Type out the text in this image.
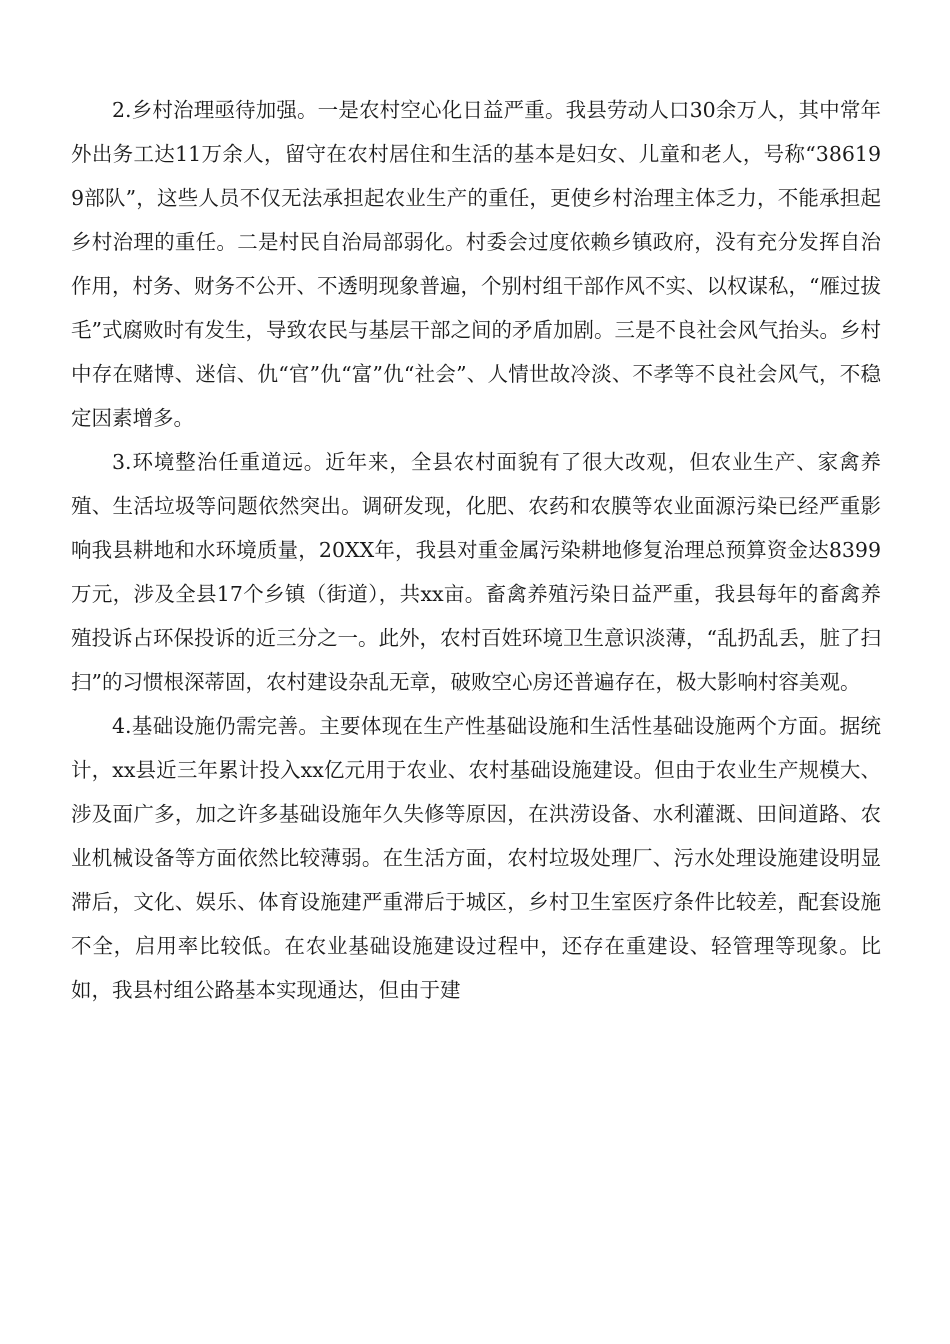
2.乡村治理亟待加强。一是农村空心化日益严重。我县劳动人口30余万人，其中常年外出务工达11万余人，留守在农村居住和生活的基本是妇女、儿童和老人，号称“386199部队”，这些人员不仅无法承担起农业生产的重任，更使乡村治理主体乏力，不能承担起乡村治理的重任。二是村民自治局部弱化。村委会过度依赖乡镇政府，没有充分发挥自治作用，村务、财务不公开、不透明现象普遍，个别村组干部作风不实、以权谋私，“雁过拔毛”式腐败时有发生，导致农民与基层干部之间的矛盾加剧。三是不良社会风气抬头。乡村中存在赌博、迷信、仇“官”仇“富”仇“社会”、人情世故冷淡、不孝等不良社会风气，不稳定因素增多。

3.环境整治任重道远。近年来，全县农村面貌有了很大改观，但农业生产、家禽养殖、生活垃圾等问题依然突出。调研发现，化肥、农药和农膜等农业面源污染已经严重影响我县耕地和水环境质量，20XX年，我县对重金属污染耕地修复治理总预算资金达8399万元，涉及全县17个乡镇（街道），共xx亩。畜禽养殖污染日益严重，我县每年的畜禽养殖投诉占环保投诉的近三分之一。此外，农村百姓环境卫生意识淡薄，“乱扔乱丢，脏了扫扫”的习惯根深蒂固，农村建设杂乱无章，破败空心房还普遍存在，极大影响村容美观。

4.基础设施仍需完善。主要体现在生产性基础设施和生活性基础设施两个方面。据统计，xx县近三年累计投入xx亿元用于农业、农村基础设施建设。但由于农业生产规模大、涉及面广多，加之许多基础设施年久失修等原因，在洪涝设备、水利灌溉、田间道路、农业机械设备等方面依然比较薄弱。在生活方面，农村垃圾处理厂、污水处理设施建设明显滞后，文化、娱乐、体育设施建严重滞后于城区，乡村卫生室医疗条件比较差，配套设施不全，启用率比较低。在农业基础设施建设过程中，还存在重建设、轻管理等现象。比如，我县村组公路基本实现通达，但由于建
